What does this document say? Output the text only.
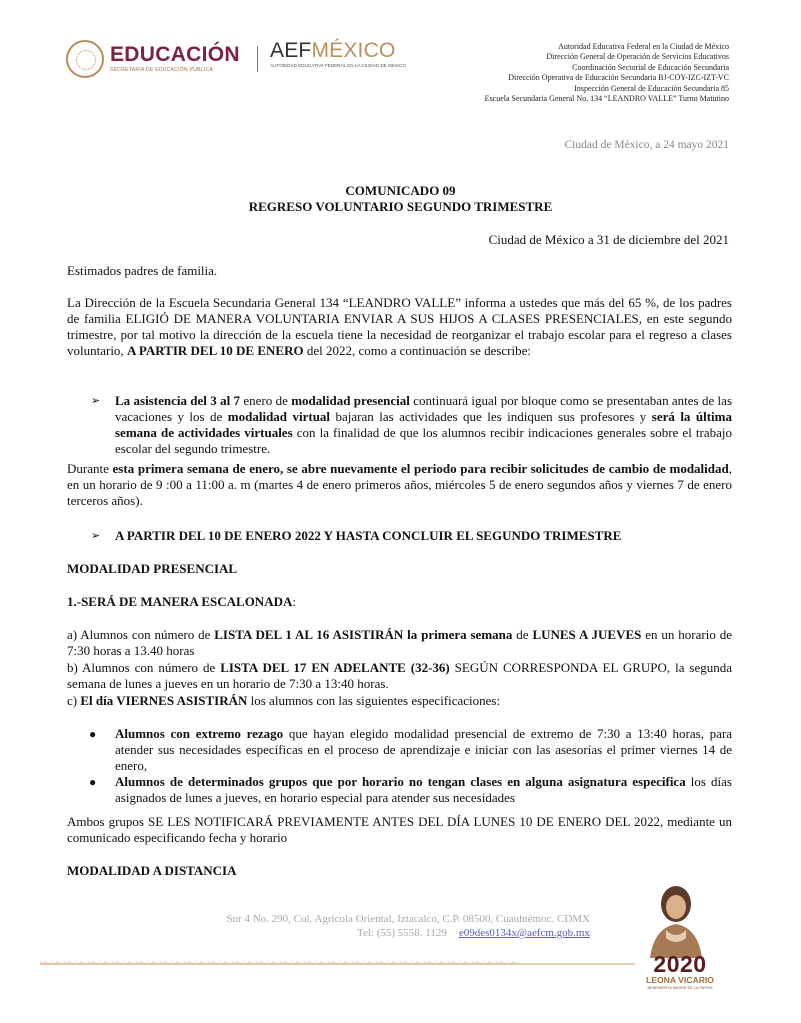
EDUCACIÓN
SECRETARÍA DE EDUCACIÓN PÚBLICA
AEFMÉXICO
AUTORIDAD EDUCATIVA FEDERAL EN LA CIUDAD DE MÉXICO
Autoridad Educativa Federal en la Ciudad de México
Dirección General de Operación de Servicios Educativos
Coordinación Sectorial de Educación Secundaria
Dirección Operativa de Educación Secundaria BJ-COY-IZC-IZT-VC
Inspección General de Educación Secundaria 85
Escuela Secundaria General No. 134 “LEANDRO VALLE” Turno Matutino
Ciudad de México, a 24 mayo 2021
COMUNICADO 09
REGRESO VOLUNTARIO SEGUNDO TRIMESTRE
Ciudad de México a 31 de diciembre del 2021

Estimados padres de familia.

La Dirección de la Escuela Secundaria General 134 “LEANDRO VALLE” informa a ustedes que más del 65 %, de los padres de familia ELIGIÓ DE MANERA VOLUNTARIA ENVIAR A SUS HIJOS A CLASES PRESENCIALES, en este segundo trimestre, por tal motivo la dirección de la escuela tiene la necesidad de reorganizar el trabajo escolar para el regreso a clases voluntario, A PARTIR DEL 10 DE ENERO del 2022, como a continuación se describe:

➢	La asistencia del 3 al 7 enero de modalidad presencial continuará igual por bloque como se presentaban antes de las vacaciones y los de modalidad virtual bajaran las actividades que les indiquen sus profesores y será la última semana de actividades virtuales con la finalidad de que los alumnos recibir indicaciones generales sobre el trabajo escolar del segundo trimestre.

Durante esta primera semana de enero, se abre nuevamente el periodo para recibir solicitudes de cambio de modalidad, en un horario de 9 :00 a 11:00 a. m (martes 4 de enero primeros años, miércoles 5 de enero segundos años y viernes 7 de enero terceros años).

➢	A PARTIR DEL 10 DE ENERO 2022 Y HASTA CONCLUIR EL SEGUNDO TRIMESTRE

MODALIDAD PRESENCIAL

1.-SERÁ DE MANERA ESCALONADA:

a) Alumnos con número de LISTA DEL 1 AL 16 ASISTIRÁN la primera semana de LUNES A JUEVES en un horario de 7:30 horas a 13.40 horas

b) Alumnos con número de LISTA DEL 17 EN ADELANTE (32-36) SEGÚN CORRESPONDA EL GRUPO, la segunda semana de lunes a jueves en un horario de 7:30 a 13:40 horas.

c) El día VIERNES ASISTIRÁN los alumnos con las siguientes especificaciones:

●	Alumnos con extremo rezago que hayan elegido modalidad presencial de extremo de 7:30 a 13:40 horas, para atender sus necesidades específicas en el proceso de aprendizaje e iniciar con las asesorías el primer viernes 14 de enero,

●	Alumnos de determinados grupos que por horario no tengan clases en alguna asignatura especifica los días asignados de lunes a jueves, en horario especial para atender sus necesidades

Ambos grupos SE LES NOTIFICARÁ PREVIAMENTE ANTES DEL DÍA LUNES 10 DE ENERO DEL 2022, mediante un comunicado especificando fecha y horario

MODALIDAD A DISTANCIA

Sur 4 No. 290, Col. Agrícola Oriental, Iztacalco, C.P. 08500, Cuauhtémoc. CDMX
Tel: (55) 5558. 1129 e09des0134x@aefcm.gob.mx
〰〰〰〰〰〰〰〰〰〰〰〰〰〰〰〰〰〰〰〰〰〰〰〰〰〰〰〰〰〰〰〰〰〰〰〰〰〰〰〰	2020
LEONA VICARIO
BENEMÉRITA MADRE DE LA PATRIA
